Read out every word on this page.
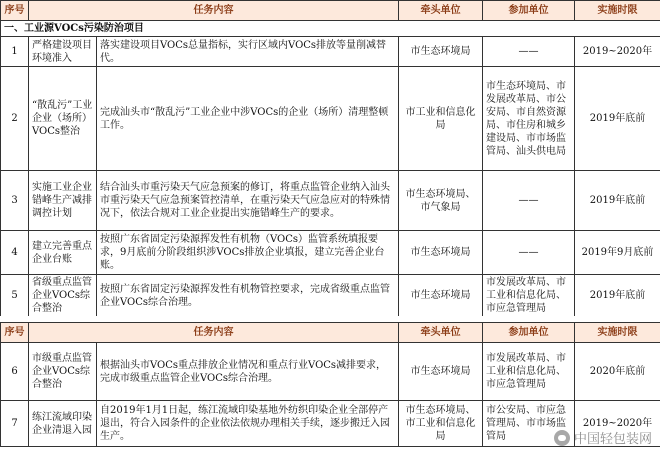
序号	任务内容		牵头单位	参加单位	实施时限
一、工业源VOCs污染防治项目					
1	严格建设项目环境准入	落实建设项目VOCs总量指标，实行区域内VOCs排放等量削减替代。	市生态环境局	——	2019~2020年
2	“散乱污”工业企业（场所）VOCs整治	完成汕头市“散乱污”工业企业中涉VOCs的企业（场所）清理整顿工作。	市工业和信息化局	市生态环境局、市发展改革局、市公安局、市自然资源局、市住房和城乡建设局、市市场监管局、汕头供电局	2019年底前
3	实施工业企业错峰生产减排调控计划	结合汕头市重污染天气应急预案的修订，将重点监管企业纳入汕头市重污染天气应急预案管控清单，在重污染天气应急应对的特殊情况下，依法合规对工业企业提出实施错峰生产的要求。	市生态环境局、市气象局	——	2019年底前
4	建立完善重点企业台账	按照广东省固定污染源挥发性有机物（VOCs）监管系统填报要求，9月底前分阶段组织涉VOCs排放企业填报，建立完善企业台账。	市生态环境局	——	2019年9月底前
5	省级重点监管企业VOCs综合整治	按照广东省固定污染源挥发性有机物管控要求，完成省级重点监管企业VOCs综合治理。	市生态环境局	市发展改革局、市工业和信息化局、市应急管理局	2019年底前
序号	任务内容		牵头单位	参加单位	实施时限
6	市级重点监管企业VOCs综合整治	根据汕头市VOCs重点排放企业情况和重点行业VOCs减排要求，完成市级重点监管企业VOCs综合治理。	市生态环境局	市发展改革局、市工业和信息化局、市应急管理局	2020年底前
7	练江流域印染企业清退入园	自2019年1月1日起，练江流域印染基地外纺织印染企业全部停产退出，符合入园条件的企业依法依规办理相关手续，逐步搬迁入园生产。	市生态环境局、市工业和信息化局	市公安局、市应急管理局、市市场监管局	2019~2020年
中国轻包装网
